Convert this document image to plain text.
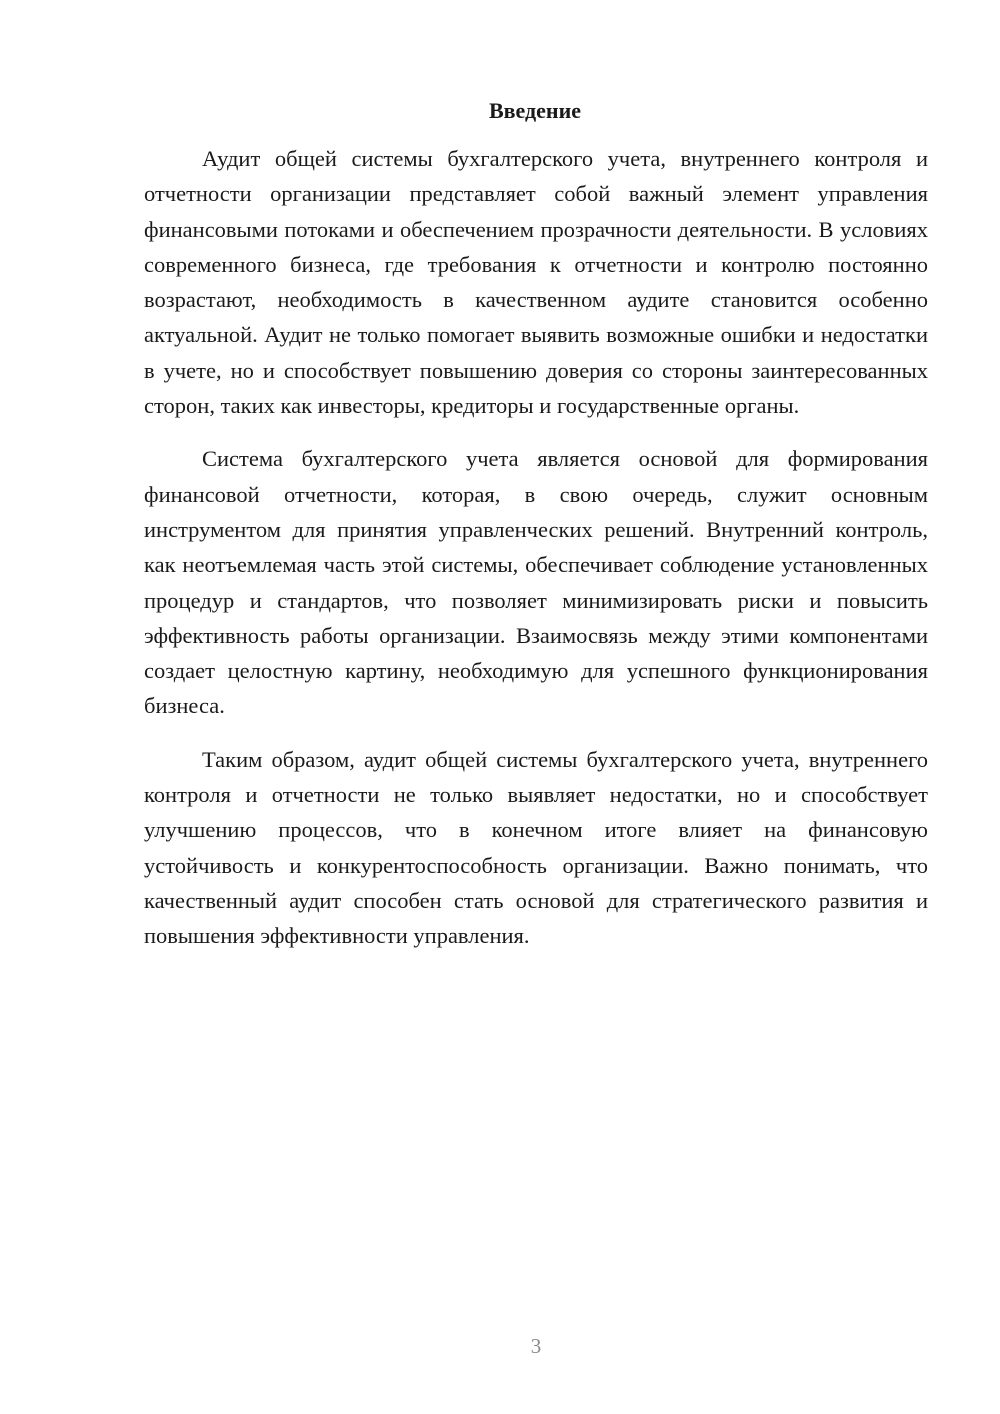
Введение

Аудит общей системы бухгалтерского учета, внутреннего контроля и отчетности организации представляет собой важный элемент управления финансовыми потоками и обеспечением прозрачности деятельности. В условиях современного бизнеса, где требования к отчетности и контролю постоянно возрастают, необходимость в качественном аудите становится особенно актуальной. Аудит не только помогает выявить возможные ошибки и недостатки в учете, но и способствует повышению доверия со стороны заинтересованных сторон, таких как инвесторы, кредиторы и государственные органы.

Система бухгалтерского учета является основой для формирования финансовой отчетности, которая, в свою очередь, служит основным инструментом для принятия управленческих решений. Внутренний контроль, как неотъемлемая часть этой системы, обеспечивает соблюдение установленных процедур и стандартов, что позволяет минимизировать риски и повысить эффективность работы организации. Взаимосвязь между этими компонентами создает целостную картину, необходимую для успешного функционирования бизнеса.

Таким образом, аудит общей системы бухгалтерского учета, внутреннего контроля и отчетности не только выявляет недостатки, но и способствует улучшению процессов, что в конечном итоге влияет на финансовую устойчивость и конкурентоспособность организации. Важно понимать, что качественный аудит способен стать основой для стратегического развития и повышения эффективности управления.

3
